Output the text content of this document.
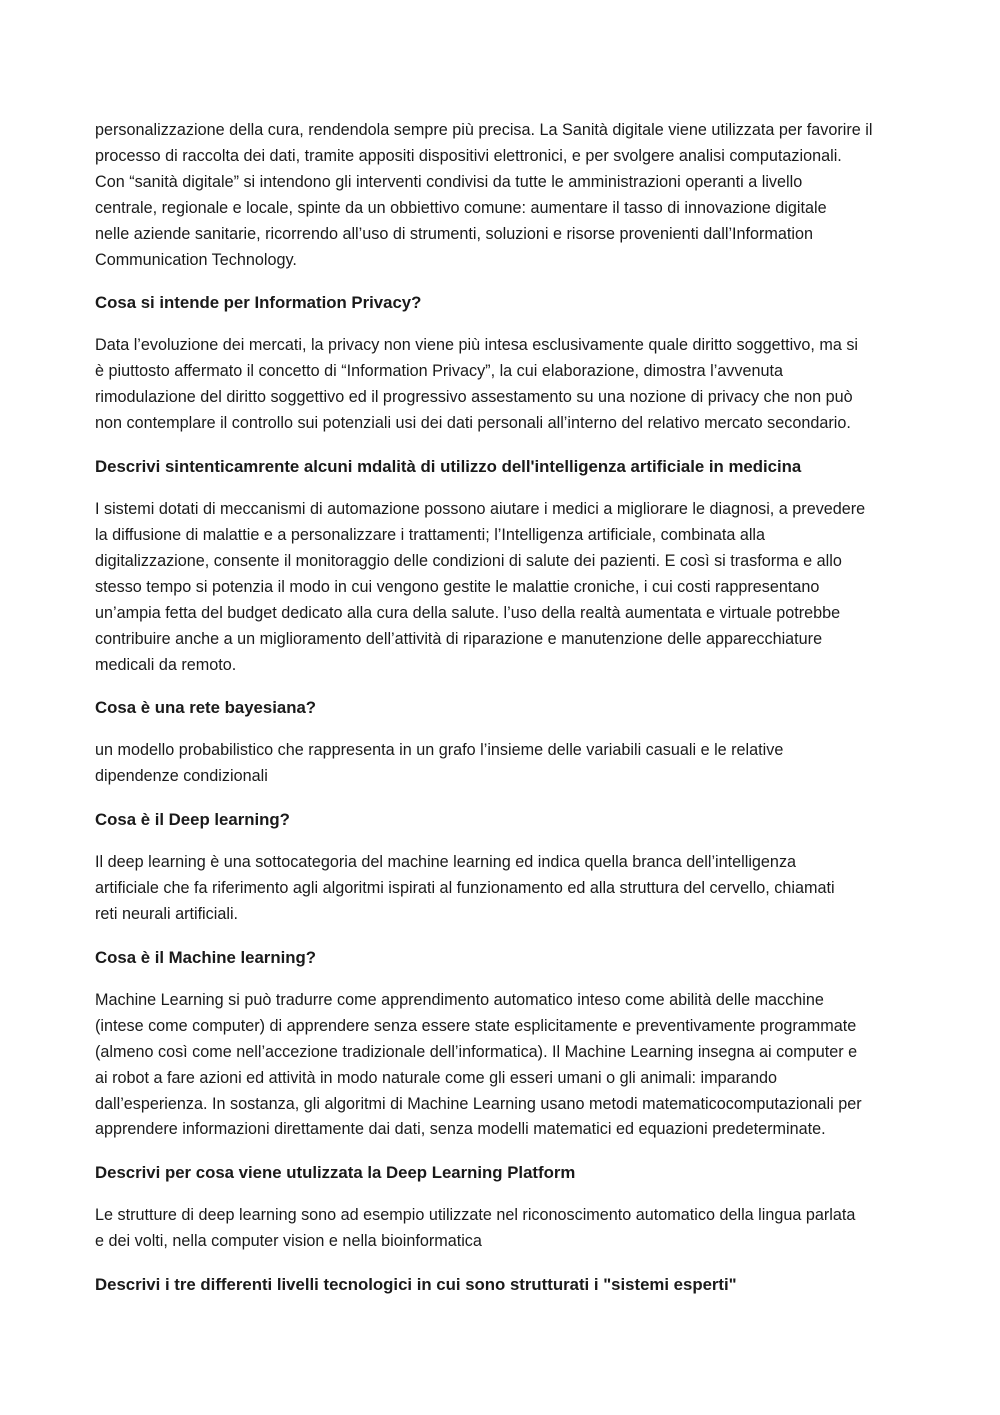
personalizzazione della cura, rendendola sempre più precisa. La Sanità digitale viene utilizzata per favorire il
processo di raccolta dei dati, tramite appositi dispositivi elettronici, e per svolgere analisi computazionali.
Con “sanità digitale” si intendono gli interventi condivisi da tutte le amministrazioni operanti a livello
centrale, regionale e locale, spinte da un obbiettivo comune: aumentare il tasso di innovazione digitale
nelle aziende sanitarie, ricorrendo all’uso di strumenti, soluzioni e risorse provenienti dall’Information
Communication Technology.

Cosa si intende per Information Privacy?

Data l’evoluzione dei mercati, la privacy non viene più intesa esclusivamente quale diritto soggettivo, ma si
è piuttosto affermato il concetto di “Information Privacy”, la cui elaborazione, dimostra l’avvenuta
rimodulazione del diritto soggettivo ed il progressivo assestamento su una nozione di privacy che non può
non contemplare il controllo sui potenziali usi dei dati personali all’interno del relativo mercato secondario.

Descrivi sintenticamrente alcuni mdalità di utilizzo dell'intelligenza artificiale in medicina

I sistemi dotati di meccanismi di automazione possono aiutare i medici a migliorare le diagnosi, a prevedere
la diffusione di malattie e a personalizzare i trattamenti; l’Intelligenza artificiale, combinata alla
digitalizzazione, consente il monitoraggio delle condizioni di salute dei pazienti. E così si trasforma e allo
stesso tempo si potenzia il modo in cui vengono gestite le malattie croniche, i cui costi rappresentano
un’ampia fetta del budget dedicato alla cura della salute. l’uso della realtà aumentata e virtuale potrebbe
contribuire anche a un miglioramento dell’attività di riparazione e manutenzione delle apparecchiature
medicali da remoto.

Cosa è una rete bayesiana?

un modello probabilistico che rappresenta in un grafo l’insieme delle variabili casuali e le relative
dipendenze condizionali

Cosa è il Deep learning?

Il deep learning è una sottocategoria del machine learning ed indica quella branca dell’intelligenza
artificiale che fa riferimento agli algoritmi ispirati al funzionamento ed alla struttura del cervello, chiamati
reti neurali artificiali.

Cosa è il Machine learning?

Machine Learning si può tradurre come apprendimento automatico inteso come abilità delle macchine
(intese come computer) di apprendere senza essere state esplicitamente e preventivamente programmate
(almeno così come nell’accezione tradizionale dell’informatica). Il Machine Learning insegna ai computer e
ai robot a fare azioni ed attività in modo naturale come gli esseri umani o gli animali: imparando
dall’esperienza. In sostanza, gli algoritmi di Machine Learning usano metodi matematicocomputazionali per
apprendere informazioni direttamente dai dati, senza modelli matematici ed equazioni predeterminate.

Descrivi per cosa viene utulizzata la Deep Learning Platform

Le strutture di deep learning sono ad esempio utilizzate nel riconoscimento automatico della lingua parlata
e dei volti, nella computer vision e nella bioinformatica

Descrivi i tre differenti livelli tecnologici in cui sono strutturati i "sistemi esperti"
